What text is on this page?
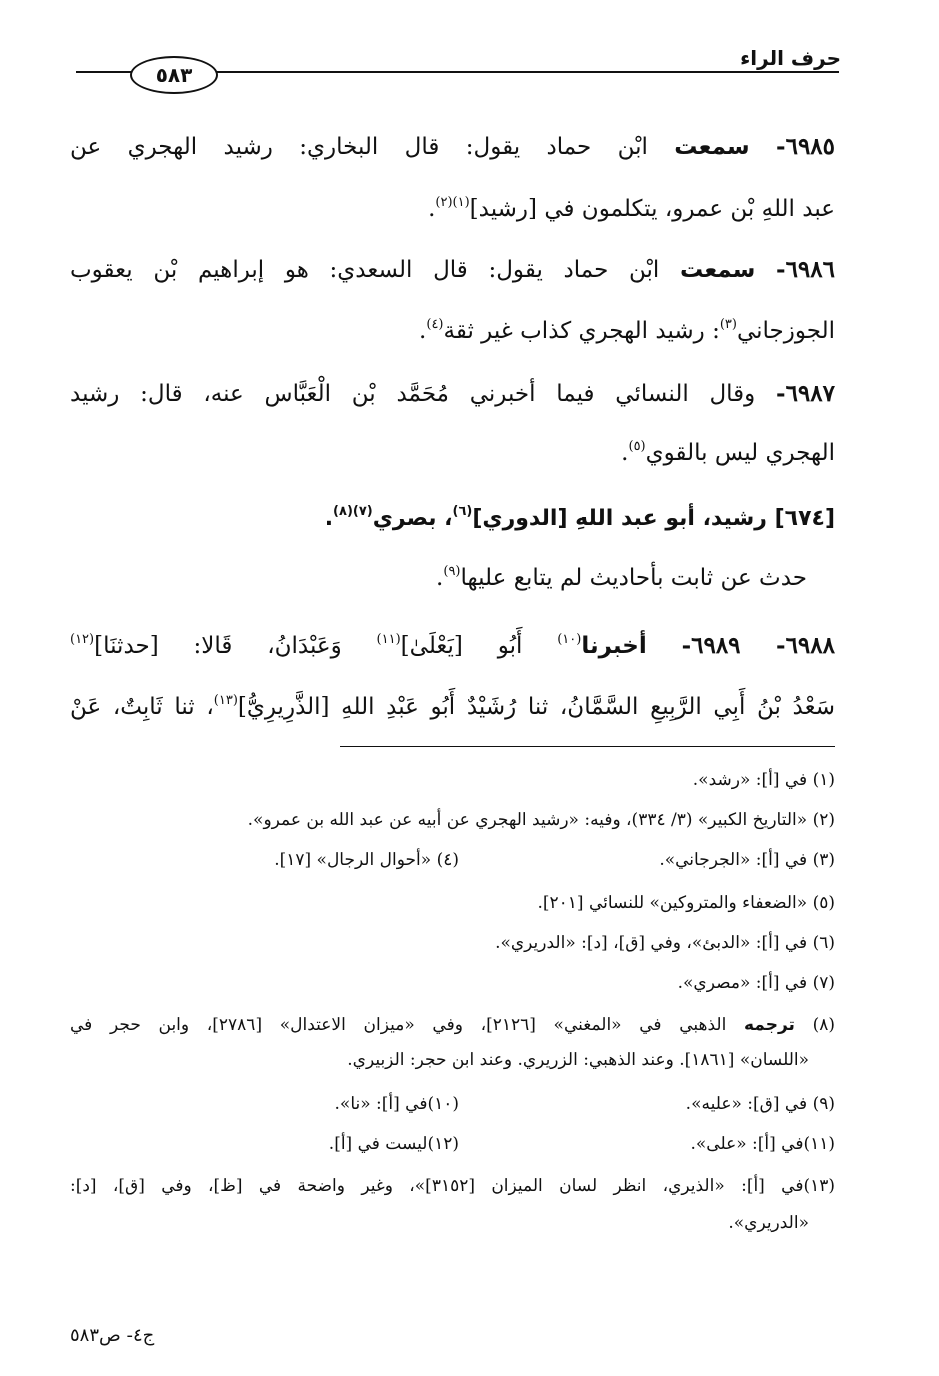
حرف الراء
٥٨٣
٦٩٨٥- سمعت ابْن حماد يقول: قال البخاري: رشيد الهجري عن
عبد اللهِ بْن عمرو، يتكلمون في [رشيد]$^{(١)(٢)}$.
٦٩٨٦- سمعت ابْن حماد يقول: قال السعدي: هو إبراهيم بْن يعقوب
الجوزجاني$^{(٣)}$: رشيد الهجري كذاب غير ثقة$^{(٤)}$.
٦٩٨٧- وقال النسائي فيما أخبرني مُحَمَّد بْن الْعَبَّاس عنه، قال: رشيد
الهجري ليس بالقوي$^{(٥)}$.
[٦٧٤] رشيد، أبو عبد اللهِ [الدوري]$^{(٦)}$، بصري$^{(٧)(٨)}$.
حدث عن ثابت بأحاديث لم يتابع عليها$^{(٩)}$.
٦٩٨٨- ٦٩٨٩- أخبرنا$^{(١٠)}$ أَبُو [يَعْلَىٰ]$^{(١١)}$ وَعَبْدَانُ، قَالا: [حدثنَا]$^{(١٢)}$
سَعْدُ بْنُ أَبِي الرَّبِيعِ السَّمَّانُ، ثنا رُشَيْدٌ أَبُو عَبْدِ اللهِ [الذَّرِيرِيُّ]$^{(١٣)}$، ثنا ثَابِتٌ، عَنْ
(١) في [أ]: «رشد».
(٢) «التاريخ الكبير» (٣/ ٣٣٤)، وفيه: «رشيد الهجري عن أبيه عن عبد الله بن عمرو».
(٣) في [أ]: «الجرجاني».
(٤) «أحوال الرجال» [١٧].
(٥) «الضعفاء والمتروكين» للنسائي [٢٠١].
(٦) في [أ]: «الدبئ»، وفي [ق]، [د]: «الدريري».
(٧) في [أ]: «مصري».
(٨) ترجمه الذهبي في «المغني» [٢١٢٦]، وفي «ميزان الاعتدال» [٢٧٨٦]، وابن حجر في
«اللسان» [١٨٦١]. وعند الذهبي: الزريري. وعند ابن حجر: الزبيري.
(٩) في [ق]: «عليه».
(١٠)في [أ]: «نا».
(١١)في [أ]: «على».
(١٢)ليست في [أ].
(١٣)في [أ]: «الذيري، انظر لسان الميزان [٣١٥٢]»، وغير واضحة في [ظ]، وفي [ق]، [د]:
«الدريري».
ج٤- ص٥٨٣
